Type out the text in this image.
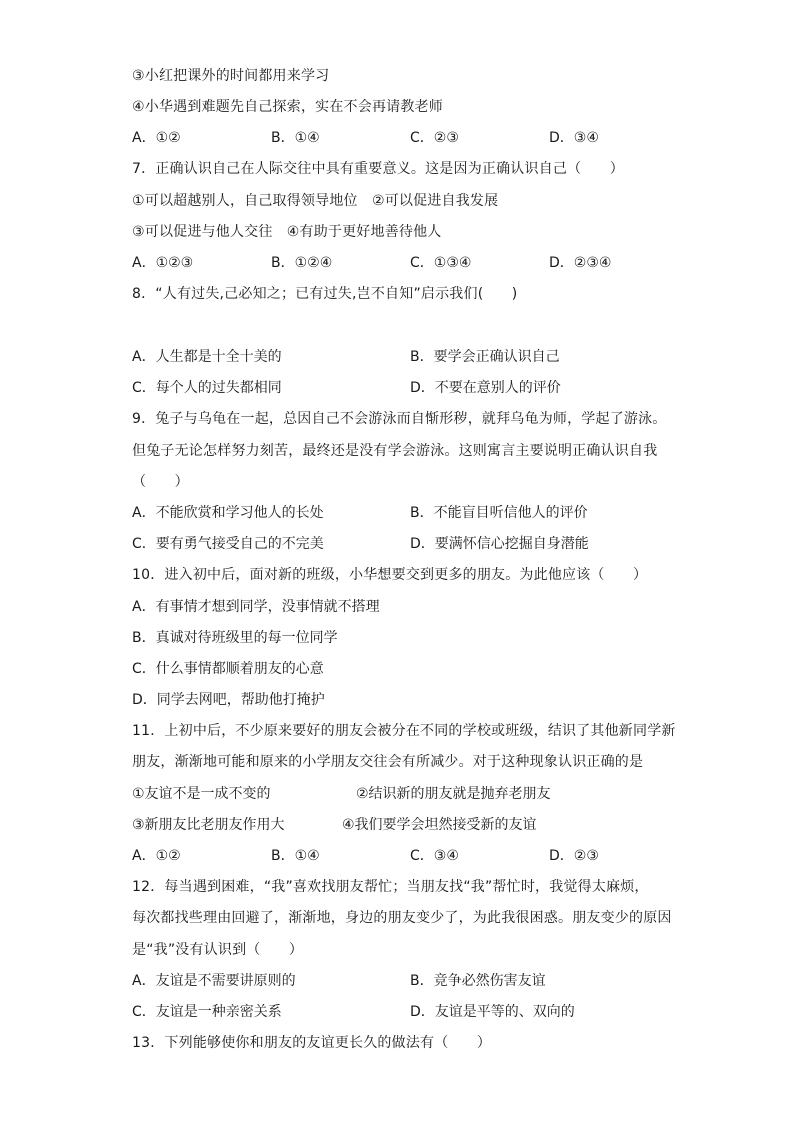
③小红把课外的时间都用来学习
④小华遇到难题先自己探索，实在不会再请教老师
A．①②	B．①④	C．②③	D．③④
7．正确认识自己在人际交往中具有重要意义。这是因为正确认识自己（　　）
①可以超越别人，自己取得领导地位　②可以促进自我发展
③可以促进与他人交往　④有助于更好地善待他人
A．①②③	B．①②④	C．①③④	D．②③④
8．“人有过失,己必知之；已有过失,岂不自知”启示我们(　　)
A．人生都是十全十美的	B．要学会正确认识自己
C．每个人的过失都相同	D．不要在意别人的评价
9．兔子与乌龟在一起，总因自己不会游泳而自惭形秽，就拜乌龟为师，学起了游泳。
但兔子无论怎样努力刻苦，最终还是没有学会游泳。这则寓言主要说明正确认识自我
（　　）
A．不能欣赏和学习他人的长处	B．不能盲目听信他人的评价
C．要有勇气接受自己的不完美	D．要满怀信心挖掘自身潜能
10．进入初中后，面对新的班级，小华想要交到更多的朋友。为此他应该（　　）
A．有事情才想到同学，没事情就不搭理
B．真诚对待班级里的每一位同学
C．什么事情都顺着朋友的心意
D．同学去网吧，帮助他打掩护
11．上初中后，不少原来要好的朋友会被分在不同的学校或班级，结识了其他新同学新
朋友，渐渐地可能和原来的小学朋友交往会有所减少。对于这种现象认识正确的是
①友谊不是一成不变的	②结识新的朋友就是抛弃老朋友
③新朋友比老朋友作用大	④我们要学会坦然接受新的友谊
A．①②	B．①④	C．③④	D．②③
12．每当遇到困难，“我”喜欢找朋友帮忙；当朋友找“我”帮忙时，我觉得太麻烦，
每次都找些理由回避了，渐渐地，身边的朋友变少了，为此我很困惑。朋友变少的原因
是“我”没有认识到（　　）
A．友谊是不需要讲原则的	B．竞争必然伤害友谊
C．友谊是一种亲密关系	D．友谊是平等的、双向的
13．下列能够使你和朋友的友谊更长久的做法有（　　）
